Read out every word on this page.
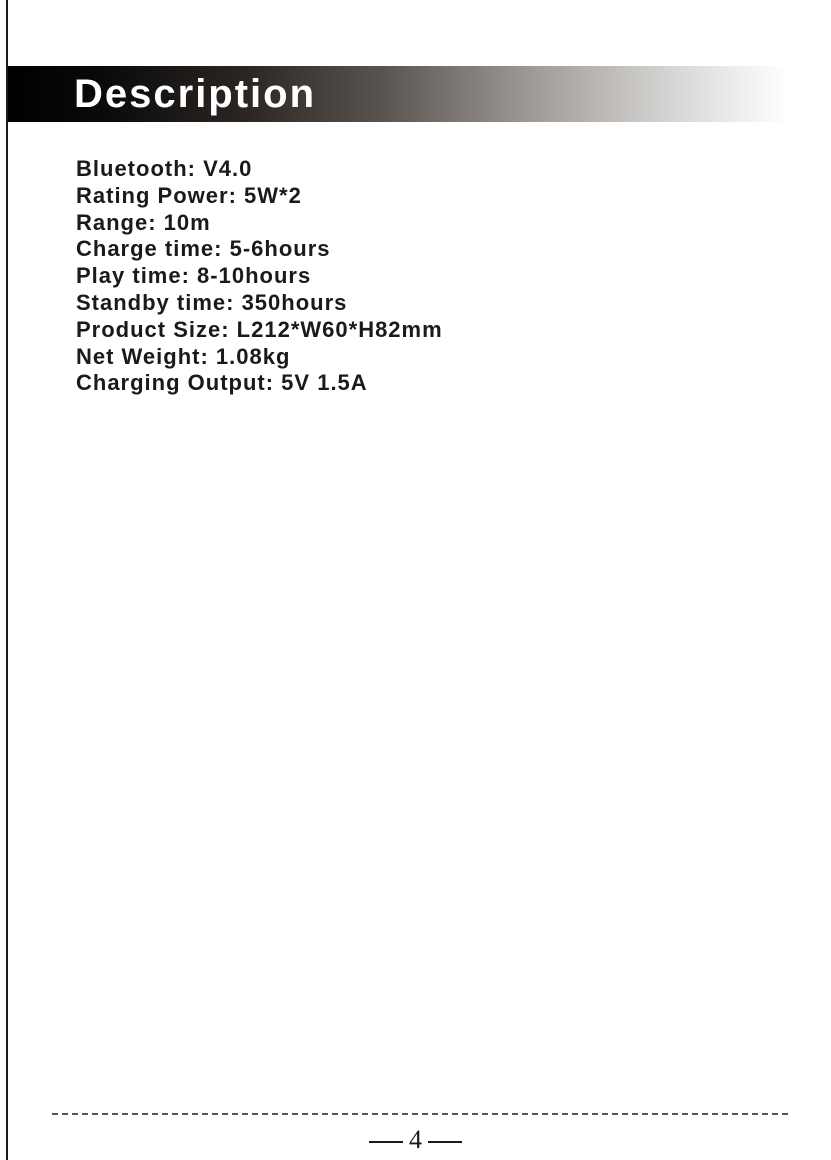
Description
Bluetooth: V4.0
Rating Power: 5W*2
Range: 10m
Charge time: 5-6hours
Play time: 8-10hours
Standby time: 350hours
Product Size: L212*W60*H82mm
Net Weight: 1.08kg
Charging Output: 5V 1.5A
4
